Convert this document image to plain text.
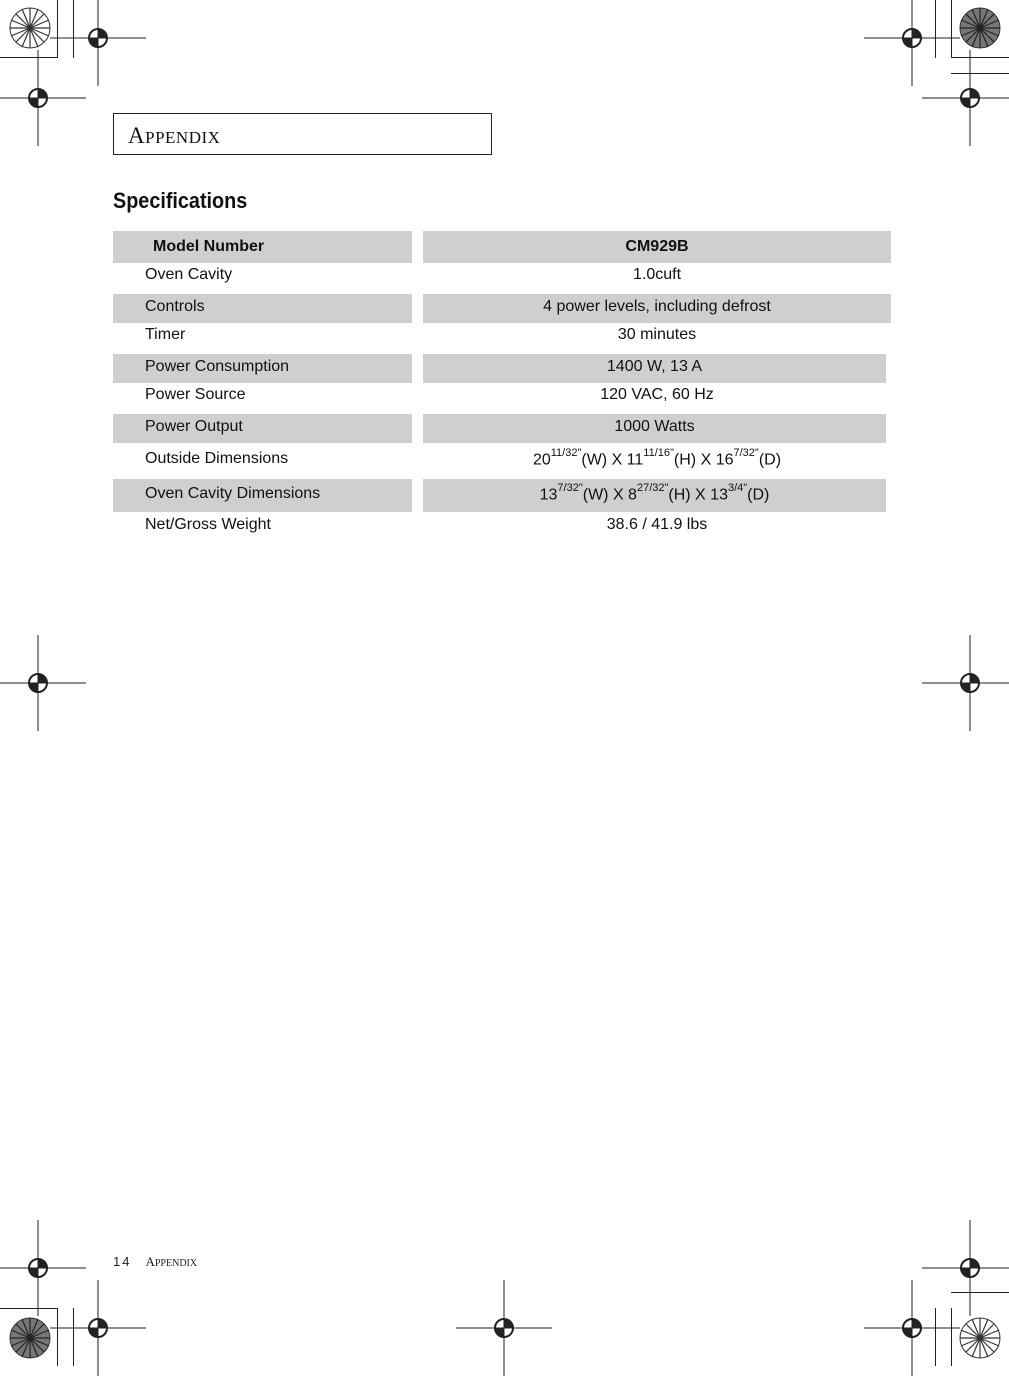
APPENDIX
Specifications
Model Number	CM929B
Oven Cavity	1.0cuft
Controls	4 power levels, including defrost
Timer	30 minutes
Power Consumption	1400 W, 13 A
Power Source	120 VAC, 60 Hz
Power Output	1000 Watts
Outside Dimensions	$20^{11/32"}(W)$ X $11^{11/16"}(H)$ X $16^{7/32"}(D)$
Oven Cavity Dimensions	$13^{7/32"}(W)$ X $8^{27/32"}(H)$ X $13^{3/4"}(D)$
Net/Gross Weight	38.6 / 41.9 lbs
14 APPENDIX
